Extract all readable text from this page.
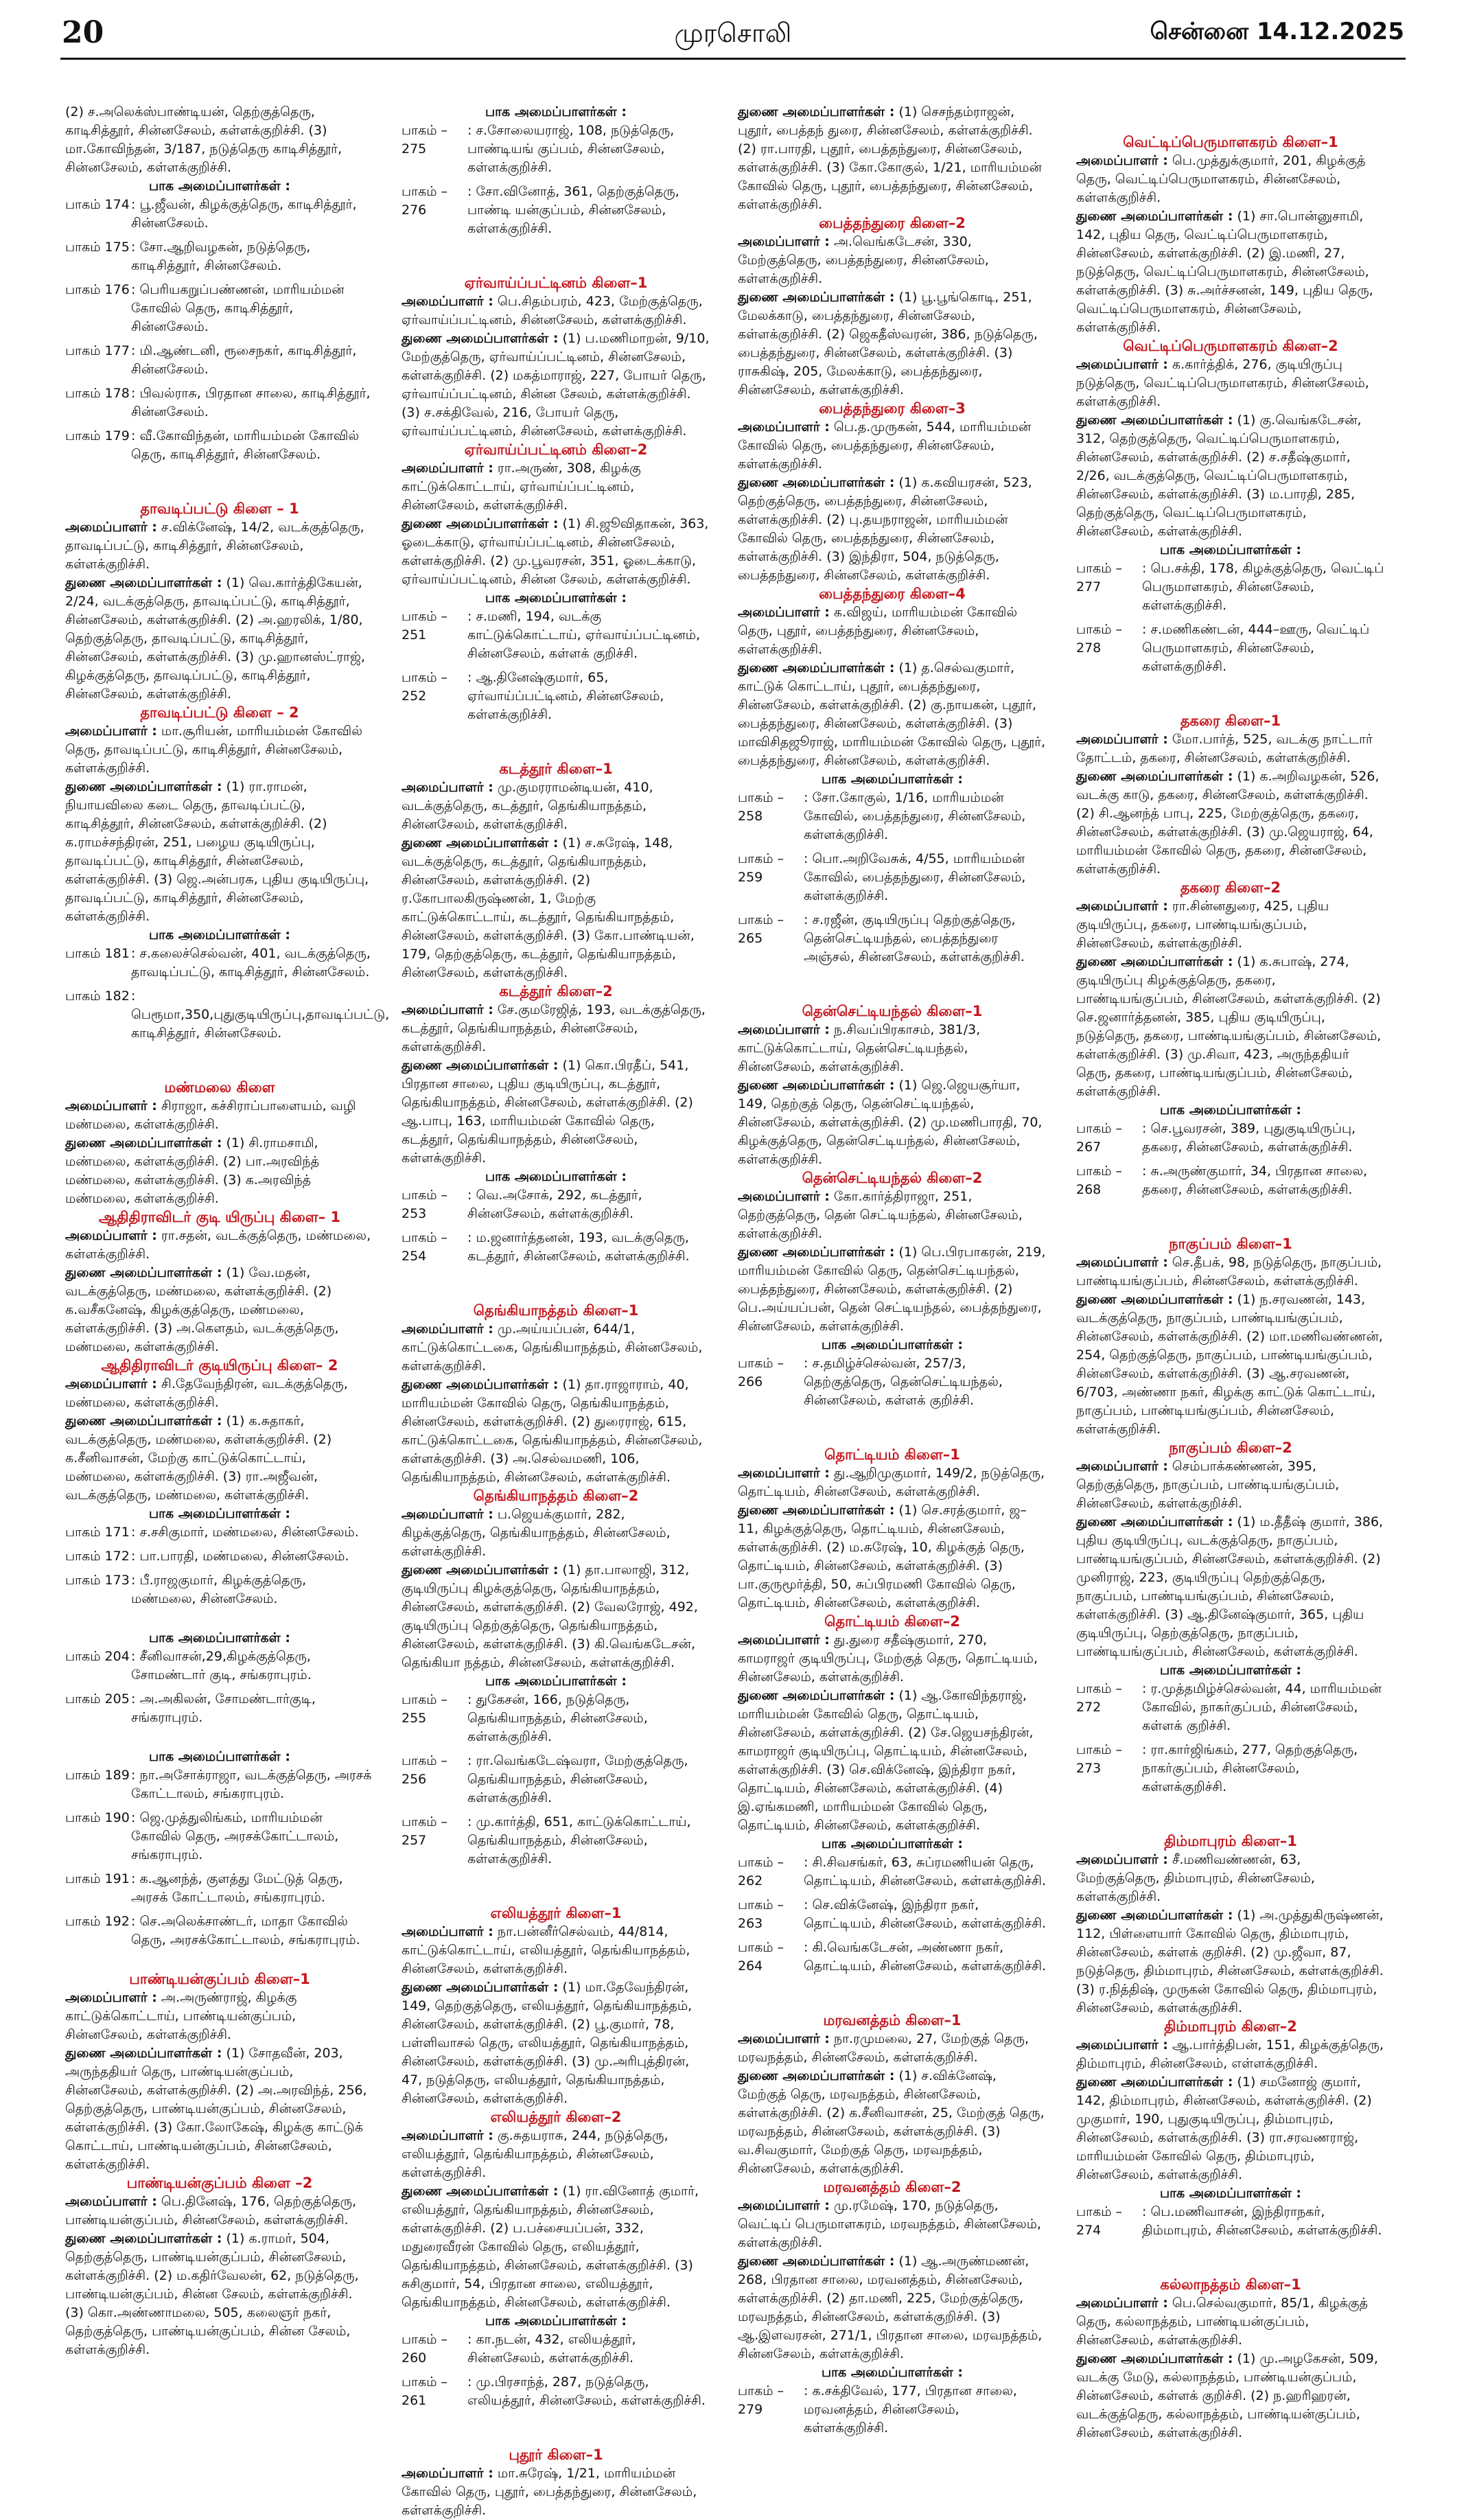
20	முரசொலி	சென்னை 14.12.2025

(2) ச.அலெக்ஸ்பாண்டியன், தெற்குத்தெரு, காடிசித்தூர், சின்னசேலம், கள்ளக்குறிச்சி. (3) மா.கோவிந்தன், 3/187, நடுத்தெரு காடிசித்தூர், சின்னசேலம், கள்ளக்குறிச்சி.

பாக அமைப்பாளர்கள் :

பாகம் 174 : பூ.ஜீவன், கிழக்குத்தெரு, காடிசித்தூர், சின்னசேலம்.
பாகம் 175 : சோ.ஆறிவழகன், நடுத்தெரு, காடிசித்தூர், சின்னசேலம்.
பாகம் 176 : பெரியகறுப்பண்ணன், மாரியம்மன் கோவில் தெரு, காடிசித்தூர், சின்னசேலம்.
பாகம் 177 : மி.ஆண்டனி, ரூசைநகர், காடிசித்தூர், சின்னசேலம்.
பாகம் 178 : பிவல்ராசு, பிரதான சாலை, காடிசித்தூர், சின்னசேலம்.
பாகம் 179 : வீ.கோவிந்தன், மாரியம்மன் கோவில் தெரு, காடிசித்தூர், சின்னசேலம்.

தாவடிப்பட்டு கிளை – 1

அமைப்பாளர் : ச.விக்னேஷ், 14/2, வடக்குத்தெரு, தாவடிப்பட்டு, காடிசித்தூர், சின்னசேலம், கள்ளக்குறிச்சி.

துணை அமைப்பாளர்கள் : (1) வெ.கார்த்திகேயன், 2/24, வடக்குத்தெரு, தாவடிப்பட்டு, காடிசித்தூர், சின்னசேலம், கள்ளக்குறிச்சி. (2) அ.ஹரலிக், 1/80, தெற்குத்தெரு, தாவடிப்பட்டு, காடிசித்தூர், சின்னசேலம், கள்ளக்குறிச்சி. (3) மு.ஹானஸ்ட்ராஜ், கிழக்குத்தெரு, தாவடிப்பட்டு, காடிசித்தூர், சின்னசேலம், கள்ளக்குறிச்சி.

தாவடிப்பட்டு கிளை – 2

அமைப்பாளர் : மா.சூரியன், மாரியம்மன் கோவில் தெரு, தாவடிப்பட்டு, காடிசித்தூர், சின்னசேலம், கள்ளக்குறிச்சி.

துணை அமைப்பாளர்கள் : (1) ரா.ராமன், நியாயவிலை கடை தெரு, தாவடிப்பட்டு, காடிசித்தூர், சின்னசேலம், கள்ளக்குறிச்சி. (2) க.ராமச்சந்திரன், 251, பழைய குடியிருப்பு, தாவடிப்பட்டு, காடிசித்தூர், சின்னசேலம், கள்ளக்குறிச்சி. (3) ஜெ.அன்பரசு, புதிய குடியிருப்பு, தாவடிப்பட்டு, காடிசித்தூர், சின்னசேலம், கள்ளக்குறிச்சி.

பாக அமைப்பாளர்கள் :

பாகம் 181 : ச.கலைச்செல்வன், 401, வடக்குத்தெரு, தாவடிப்பட்டு, காடிசித்தூர், சின்னசேலம்.
பாகம் 182 : பெரூமா,350,புதுகுடியிருப்பு,தாவடிப்பட்டு, காடிசித்தூர், சின்னசேலம்.

மண்மலை கிளை

அமைப்பாளர் : சிராஜா, கச்சிராப்பாளையம், வழி மண்மலை, கள்ளக்குறிச்சி.

துணை அமைப்பாளர்கள் : (1) சி.ராமசாமி, மண்மலை, கள்ளக்குறிச்சி. (2) பா.அரவிந்த் மண்மலை, கள்ளக்குறிச்சி. (3) க.அரவிந்த் மண்மலை, கள்ளக்குறிச்சி.

ஆதிதிராவிடர் குடி யிருப்பு கிளை– 1

அமைப்பாளர் : ரா.சதன், வடக்குத்தெரு, மண்மலை, கள்ளக்குறிச்சி.

துணை அமைப்பாளர்கள் : (1) வே.மதன், வடக்குத்தெரு, மண்மலை, கள்ளக்குறிச்சி. (2) க.வசீகனேஷ், கிழக்குத்தெரு, மண்மலை, கள்ளக்குறிச்சி. (3) அ.கௌதம், வடக்குத்தெரு, மண்மலை, கள்ளக்குறிச்சி.

ஆதிதிராவிடர் குடியிருப்பு கிளை– 2

அமைப்பாளர் : சி.தேவேந்திரன், வடக்குத்தெரு, மண்மலை, கள்ளக்குறிச்சி.

துணை அமைப்பாளர்கள் : (1) க.சுதாகர், வடக்குத்தெரு, மண்மலை, கள்ளக்குறிச்சி. (2) க.சீனிவாசன், மேற்கு காட்டுக்கொட்டாய், மண்மலை, கள்ளக்குறிச்சி. (3) ரா.அஜீவன், வடக்குத்தெரு, மண்மலை, கள்ளக்குறிச்சி.

பாக அமைப்பாளர்கள் :

பாகம் 171 : ச.சசிகுமார், மண்மலை, சின்னசேலம்.
பாகம் 172 : பா.பாரதி, மண்மலை, சின்னசேலம்.
பாகம் 173 : பீ.ராஜகுமார், கிழக்குத்தெரு, மண்மலை, சின்னசேலம்.

பாக அமைப்பாளர்கள் :

பாகம் 204 : சீனிவாசன்,29,கிழக்குத்தெரு, சோமண்டார் குடி, சங்கராபுரம்.
பாகம் 205 : அ.அகிலன், சோமண்டார்குடி, சங்கராபுரம்.

பாக அமைப்பாளர்கள் :

பாகம் 189 : நா.அசோக்ராஜா, வடக்குத்தெரு, அரசக் கோட்டாலம், சங்கராபுரம்.
பாகம் 190 : ஜெ.முத்துலிங்கம், மாரியம்மன் கோவில் தெரு, அரசக்கோட்டாலம், சங்கராபுரம்.
பாகம் 191 : க.ஆனந்த், குளத்து மேட்டுத் தெரு, அரசக் கோட்டாலம், சங்கராபுரம்.
பாகம் 192 : செ.அலெக்சாண்டர், மாதா கோவில் தெரு, அரசக்கோட்டாலம், சங்கராபுரம்.

பாண்டியன்குப்பம் கிளை–1

அமைப்பாளர் : அ.அருண்ராஜ், கிழக்கு காட்டுக்கொட்டாய், பாண்டியன்குப்பம், சின்னசேலம், கள்ளக்குறிச்சி.

துணை அமைப்பாளர்கள் : (1) சோதவீன், 203, அருந்ததியர் தெரு, பாண்டியன்குப்பம், சின்னசேலம், கள்ளக்குறிச்சி. (2) அ.அரவிந்த், 256, தெற்குத்தெரு, பாண்டியன்குப்பம், சின்னசேலம், கள்ளக்குறிச்சி. (3) கோ.லோகேஷ், கிழக்கு காட்டுக் கொட்டாய், பாண்டியன்குப்பம், சின்னசேலம், கள்ளக்குறிச்சி.

பாண்டியன்குப்பம் கிளை –2

அமைப்பாளர் : பெ.தினேஷ், 176, தெற்குத்தெரு, பாண்டியன்குப்பம், சின்னசேலம், கள்ளக்குறிச்சி.

துணை அமைப்பாளர்கள் : (1) க.ராமர், 504, தெற்குத்தெரு, பாண்டியன்குப்பம், சின்னசேலம், கள்ளக்குறிச்சி. (2) ம.கதிர்வேலன், 62, நடுத்தெரு, பாண்டியன்குப்பம், சின்ன சேலம், கள்ளக்குறிச்சி. (3) கொ.அண்ணாமலை, 505, கலைஞர் நகர், தெற்குத்தெரு, பாண்டியன்குப்பம், சின்ன சேலம், கள்ளக்குறிச்சி.

பாக அமைப்பாளர்கள் :

பாகம் – 275
: ச.சோலையராஜ், 108, நடுத்தெரு, பாண்டியங் குப்பம், சின்னசேலம், கள்ளக்குறிச்சி.
பாகம் – 276
: சோ.வினோத், 361, தெற்குத்தெரு, பாண்டி யன்குப்பம், சின்னசேலம், கள்ளக்குறிச்சி.

ஏர்வாய்ப்பட்டினம் கிளை–1

அமைப்பாளர் : பெ.சிதம்பரம், 423, மேற்குத்தெரு, ஏர்வாய்ப்பட்டினம், சின்னசேலம், கள்ளக்குறிச்சி.

துணை அமைப்பாளர்கள் : (1) ப.மணிமாறன், 9/10, மேற்குத்தெரு, ஏர்வாய்ப்பட்டினம், சின்னசேலம், கள்ளக்குறிச்சி. (2) மகத்மாராஜ், 227, போயர் தெரு, ஏர்வாய்ப்பட்டினம், சின்ன சேலம், கள்ளக்குறிச்சி. (3) ச.சக்திவேல், 216, போயர் தெரு, ஏர்வாய்ப்பட்டினம், சின்னசேலம், கள்ளக்குறிச்சி.

ஏர்வாய்ப்பட்டினம் கிளை–2

அமைப்பாளர் : ரா.அருண், 308, கிழக்கு காட்டுக்கொட்டாய், ஏர்வாய்ப்பட்டினம், சின்னசேலம், கள்ளக்குறிச்சி.

துணை அமைப்பாளர்கள் : (1) சி.ஜூவிதாகன், 363, ஓடைக்காடு, ஏர்வாய்ப்பட்டினம், சின்னசேலம், கள்ளக்குறிச்சி. (2) மு.பூவரசன், 351, ஓடைக்காடு, ஏர்வாய்ப்பட்டினம், சின்ன சேலம், கள்ளக்குறிச்சி.

பாக அமைப்பாளர்கள் :

பாகம் – 251
: ச.மணி, 194, வடக்கு காட்டுக்கொட்டாய், ஏர்வாய்ப்பட்டினம், சின்னசேலம், கள்ளக் குறிச்சி.
பாகம் – 252
: ஆ.தினேஷ்குமார், 65, ஏர்வாய்ப்பட்டினம், சின்னசேலம், கள்ளக்குறிச்சி.

கடத்தூர் கிளை–1

அமைப்பாளர் : மு.குமரராமன்டியன், 410, வடக்குத்தெரு, கடத்தூர், தெங்கியாநத்தம், சின்னசேலம், கள்ளக்குறிச்சி.

துணை அமைப்பாளர்கள் : (1) ச.சுரேஷ், 148, வடக்குத்தெரு, கடத்தூர், தெங்கியாநத்தம், சின்னசேலம், கள்ளக்குறிச்சி. (2) ர.கோபாலகிருஷ்ணன், 1, மேற்கு காட்டுக்கொட்டாய், கடத்தூர், தெங்கியாநத்தம், சின்னசேலம், கள்ளக்குறிச்சி. (3) கோ.பாண்டியன், 179, தெற்குத்தெரு, கடத்தூர், தெங்கியாநத்தம், சின்னசேலம், கள்ளக்குறிச்சி.

கடத்தூர் கிளை–2

அமைப்பாளர் : சே.குமரேஜித், 193, வடக்குத்தெரு, கடத்தூர், தெங்கியாநத்தம், சின்னசேலம், கள்ளக்குறிச்சி.

துணை அமைப்பாளர்கள் : (1) கொ.பிரதீப், 541, பிரதான சாலை, புதிய குடியிருப்பு, கடத்தூர், தெங்கியாநத்தம், சின்னசேலம், கள்ளக்குறிச்சி. (2) ஆ.பாபு, 163, மாரியம்மன் கோவில் தெரு, கடத்தூர், தெங்கியாநத்தம், சின்னசேலம், கள்ளக்குறிச்சி.

பாக அமைப்பாளர்கள் :

பாகம் – 253
: வெ.அசோக், 292, கடத்தூர், சின்னசேலம், கள்ளக்குறிச்சி.
பாகம் – 254
: ம.ஜனார்த்தனன், 193, வடக்குதெரு, கடத்தூர், சின்னசேலம், கள்ளக்குறிச்சி.

தெங்கியாநத்தம் கிளை–1

அமைப்பாளர் : மு.அய்யப்பன், 644/1, காட்டுக்கொட்டகை, தெங்கியாநத்தம், சின்னசேலம், கள்ளக்குறிச்சி.

துணை அமைப்பாளர்கள் : (1) தா.ராஜாராம், 40, மாரியம்மன் கோவில் தெரு, தெங்கியாநத்தம், சின்னசேலம், கள்ளக்குறிச்சி. (2) துரைராஜ், 615, காட்டுக்கொட்டகை, தெங்கியாநத்தம், சின்னசேலம், கள்ளக்குறிச்சி. (3) அ.செல்வமணி, 106, தெங்கியாநத்தம், சின்னசேலம், கள்ளக்குறிச்சி.

தெங்கியாநத்தம் கிளை–2

அமைப்பாளர் : ப.ஜெயக்குமார், 282, கிழக்குத்தெரு, தெங்கியாநத்தம், சின்னசேலம், கள்ளக்குறிச்சி.

துணை அமைப்பாளர்கள் : (1) தா.பாலாஜி, 312, குடியிருப்பு கிழக்குத்தெரு, தெங்கியாநத்தம், சின்னசேலம், கள்ளக்குறிச்சி. (2) வேலரோஜ், 492, குடியிருப்பு தெற்குத்தெரு, தெங்கியாநத்தம், சின்னசேலம், கள்ளக்குறிச்சி. (3) கி.வெங்கடேசன், தெங்கியா நத்தம், சின்னசேலம், கள்ளக்குறிச்சி.

பாக அமைப்பாளர்கள் :

பாகம் – 255
: துகேசன், 166, நடுத்தெரு, தெங்கியாநத்தம், சின்னசேலம், கள்ளக்குறிச்சி.
பாகம் – 256
: ரா.வெங்கடேஷ்வரா, மேற்குத்தெரு, தெங்கியாநத்தம், சின்னசேலம், கள்ளக்குறிச்சி.
பாகம் – 257
: மு.கார்த்தி, 651, காட்டுக்கொட்டாய், தெங்கியாநத்தம், சின்னசேலம், கள்ளக்குறிச்சி.

எலியத்தூர் கிளை–1

அமைப்பாளர் : நா.பன்னீர்செல்வம், 44/814, காட்டுக்கொட்டாய், எலியத்தூர், தெங்கியாநத்தம், சின்னசேலம், கள்ளக்குறிச்சி.

துணை அமைப்பாளர்கள் : (1) மா.தேவேந்திரன், 149, தெற்குத்தெரு, எலியத்தூர், தெங்கியாநத்தம், சின்னசேலம், கள்ளக்குறிச்சி. (2) பூ.குமார், 78, பள்ளிவாசல் தெரு, எலியத்தூர், தெங்கியாநத்தம், சின்னசேலம், கள்ளக்குறிச்சி. (3) மு.அரிபுத்திரன், 47, நடுத்தெரு, எலியத்தூர், தெங்கியாநத்தம், சின்னசேலம், கள்ளக்குறிச்சி.

எலியத்தூர் கிளை–2

அமைப்பாளர் : கு.சுதயராசு, 244, நடுத்தெரு, எலியத்தூர், தெங்கியாநத்தம், சின்னசேலம், கள்ளக்குறிச்சி.

துணை அமைப்பாளர்கள் : (1) ரா.வினோத் குமார், எலியத்தூர், தெங்கியாநத்தம், சின்னசேலம், கள்ளக்குறிச்சி. (2) ப.பச்சையப்பன், 332, மதுரைவீரன் கோவில் தெரு, எலியத்தூர், தெங்கியாநத்தம், சின்னசேலம், கள்ளக்குறிச்சி. (3) சுசிகுமார், 54, பிரதான சாலை, எலியத்தூர், தெங்கியாநத்தம், சின்னசேலம், கள்ளக்குறிச்சி.

பாக அமைப்பாளர்கள் :

பாகம் – 260
: கா.நடன், 432, எலியத்தூர், சின்னசேலம், கள்ளக்குறிச்சி.
பாகம் – 261
: மு.பிரசாந்த், 287, நடுத்தெரு, எலியத்தூர், சின்னசேலம், கள்ளக்குறிச்சி.

புதூர் கிளை–1

அமைப்பாளர் : மா.சுரேஷ், 1/21, மாரியம்மன் கோவில் தெரு, புதூர், பைத்தந்துரை, சின்னசேலம், கள்ளக்குறிச்சி.

துணை அமைப்பாளர்கள் : (1) செசந்தம்ராஜன், புதூர், பைத்தந் துரை, சின்னசேலம், கள்ளக்குறிச்சி. (2) ரா.பாரதி, புதூர், பைத்தந்துரை, சின்னசேலம், கள்ளக்குறிச்சி. (3) கோ.கோகுல், 1/21, மாரியம்மன் கோவில் தெரு, புதூர், பைத்தந்துரை, சின்னசேலம், கள்ளக்குறிச்சி.

பைத்தந்துரை கிளை–2

அமைப்பாளர் : அ.வெங்கடேசன், 330, மேற்குத்தெரு, பைத்தந்துரை, சின்னசேலம், கள்ளக்குறிச்சி.

துணை அமைப்பாளர்கள் : (1) பூ.பூங்கொடி, 251, மேலக்காடு, பைத்தந்துரை, சின்னசேலம், கள்ளக்குறிச்சி. (2) ஜெகதீஸ்வரன், 386, நடுத்தெரு, பைத்தந்துரை, சின்னசேலம், கள்ளக்குறிச்சி. (3) ராசுகிஷ், 205, மேலக்காடு, பைத்தந்துரை, சின்னசேலம், கள்ளக்குறிச்சி.

பைத்தந்துரை கிளை–3

அமைப்பாளர் : பெ.த.முருகன், 544, மாரியம்மன் கோவில் தெரு, பைத்தந்துரை, சின்னசேலம், கள்ளக்குறிச்சி.

துணை அமைப்பாளர்கள் : (1) க.கவியரசன், 523, தெற்குத்தெரு, பைத்தந்துரை, சின்னசேலம், கள்ளக்குறிச்சி. (2) பு.தயநராஜன், மாரியம்மன் கோவில் தெரு, பைத்தந்துரை, சின்னசேலம், கள்ளக்குறிச்சி. (3) இந்திரா, 504, நடுத்தெரு, பைத்தந்துரை, சின்னசேலம், கள்ளக்குறிச்சி.

பைத்தந்துரை கிளை–4

அமைப்பாளர் : க.விஜய், மாரியம்மன் கோவில் தெரு, புதூர், பைத்தந்துரை, சின்னசேலம், கள்ளக்குறிச்சி.

துணை அமைப்பாளர்கள் : (1) த.செல்வகுமார், காட்டுக் கொட்டாய், புதூர், பைத்தந்துரை, சின்னசேலம், கள்ளக்குறிச்சி. (2) கு.நாயகன், புதூர், பைத்தந்துரை, சின்னசேலம், கள்ளக்குறிச்சி. (3) மாவிசிதஜூராஜ், மாரியம்மன் கோவில் தெரு, புதூர், பைத்தந்துரை, சின்னசேலம், கள்ளக்குறிச்சி.

பாக அமைப்பாளர்கள் :

பாகம் – 258
: சோ.கோகுல், 1/16, மாரியம்மன் கோவில், பைத்தந்துரை, சின்னசேலம், கள்ளக்குறிச்சி.
பாகம் – 259
: பொ.அறிவேசுக், 4/55, மாரியம்மன் கோவில், பைத்தந்துரை, சின்னசேலம், கள்ளக்குறிச்சி.
பாகம் – 265
: ச.ரஜீன், குடியிருப்பு தெற்குத்தெரு, தென்செட்டியந்தல், பைத்தந்துரை அஞ்சல், சின்னசேலம், கள்ளக்குறிச்சி.

தென்செட்டியந்தல் கிளை–1

அமைப்பாளர் : ந.சிவப்பிரகாசம், 381/3, காட்டுக்கொட்டாய், தென்செட்டியந்தல், சின்னசேலம், கள்ளக்குறிச்சி.

துணை அமைப்பாளர்கள் : (1) ஜெ.ஜெயசூர்யா, 149, தெற்குத் தெரு, தென்செட்டியந்தல், சின்னசேலம், கள்ளக்குறிச்சி. (2) மு.மணிபாரதி, 70, கிழக்குத்தெரு, தென்செட்டியந்தல், சின்னசேலம், கள்ளக்குறிச்சி.

தென்செட்டியந்தல் கிளை–2

அமைப்பாளர் : கோ.கார்த்திராஜா, 251, தெற்குத்தெரு, தென் செட்டியந்தல், சின்னசேலம், கள்ளக்குறிச்சி.

துணை அமைப்பாளர்கள் : (1) பெ.பிரபாகரன், 219, மாரியம்மன் கோவில் தெரு, தென்செட்டியந்தல், பைத்தந்துரை, சின்னசேலம், கள்ளக்குறிச்சி. (2) பெ.அய்யப்பன், தென் செட்டியந்தல், பைத்தந்துரை, சின்னசேலம், கள்ளக்குறிச்சி.

பாக அமைப்பாளர்கள் :

பாகம் – 266
: ச.தமிழ்ச்செல்வன், 257/3, தெற்குத்தெரு, தென்செட்டியந்தல், சின்னசேலம், கள்ளக் குறிச்சி.

தொட்டியம் கிளை–1

அமைப்பாளர் : து.ஆறிமுகுமார், 149/2, நடுத்தெரு, தொட்டியம், சின்னசேலம், கள்ளக்குறிச்சி.

துணை அமைப்பாளர்கள் : (1) செ.சரத்குமார், ஜ–11, கிழக்குத்தெரு, தொட்டியம், சின்னசேலம், கள்ளக்குறிச்சி. (2) ம.சுரேஷ், 10, கிழக்குத் தெரு, தொட்டியம், சின்னசேலம், கள்ளக்குறிச்சி. (3) பா.குருமூர்த்தி, 50, சுப்பிரமணி கோவில் தெரு, தொட்டியம், சின்னசேலம், கள்ளக்குறிச்சி.

தொட்டியம் கிளை–2

அமைப்பாளர் : து.துரை சதீஷ்குமார், 270, காமராஜர் குடியிருப்பு, மேற்குத் தெரு, தொட்டியம், சின்னசேலம், கள்ளக்குறிச்சி.

துணை அமைப்பாளர்கள் : (1) ஆ.கோவிந்தராஜ், மாரியம்மன் கோவில் தெரு, தொட்டியம், சின்னசேலம், கள்ளக்குறிச்சி. (2) சே.ஜெயசந்திரன், காமராஜர் குடியிருப்பு, தொட்டியம், சின்னசேலம், கள்ளக்குறிச்சி. (3) செ.விக்னேஷ், இந்திரா நகர், தொட்டியம், சின்னசேலம், கள்ளக்குறிச்சி. (4) இ.ஏங்கமணி, மாரியம்மன் கோவில் தெரு, தொட்டியம், சின்னசேலம், கள்ளக்குறிச்சி.

பாக அமைப்பாளர்கள் :

பாகம் – 262
: சி.சிவசங்கர், 63, சுப்ரமணியன் தெரு, தொட்டியம், சின்னசேலம், கள்ளக்குறிச்சி.
பாகம் – 263
: செ.விக்னேஷ், இந்திரா நகர், தொட்டியம், சின்னசேலம், கள்ளக்குறிச்சி.
பாகம் – 264
: கி.வெங்கடேசன், அண்ணா நகர், தொட்டியம், சின்னசேலம், கள்ளக்குறிச்சி.

மரவனத்தம் கிளை–1

அமைப்பாளர் : நா.ரமுமலை, 27, மேற்குத் தெரு, மரவநத்தம், சின்னசேலம், கள்ளக்குறிச்சி.

துணை அமைப்பாளர்கள் : (1) ச.விக்னேஷ், மேற்குத் தெரு, மரவநத்தம், சின்னசேலம், கள்ளக்குறிச்சி. (2) க.சீனிவாசன், 25, மேற்குத் தெரு, மரவநத்தம், சின்னசேலம், கள்ளக்குறிச்சி. (3) வ.சிவகுமார், மேற்குத் தெரு, மரவநத்தம், சின்னசேலம், கள்ளக்குறிச்சி.

மரவனத்தம் கிளை–2

அமைப்பாளர் : மு.ரமேஷ், 170, நடுத்தெரு, வெட்டிப் பெருமாளகரம், மரவநத்தம், சின்னசேலம், கள்ளக்குறிச்சி.

துணை அமைப்பாளர்கள் : (1) ஆ.அருண்மணன், 268, பிரதான சாலை, மரவனத்தம், சின்னசேலம், கள்ளக்குறிச்சி. (2) தா.மணி, 225, மேற்குத்தெரு, மரவநத்தம், சின்னசேலம், கள்ளக்குறிச்சி. (3) ஆ.இளவரசன், 271/1, பிரதான சாலை, மரவநத்தம், சின்னசேலம், கள்ளக்குறிச்சி.

பாக அமைப்பாளர்கள் :

பாகம் – 279
: க.சக்திவேல், 177, பிரதான சாலை, மரவனத்தம், சின்னசேலம், கள்ளக்குறிச்சி.

வெட்டிப்பெருமாளகரம் கிளை–1

அமைப்பாளர் : பெ.முத்துக்குமார், 201, கிழக்குத் தெரு, வெட்டிப்பெருமாளகரம், சின்னசேலம், கள்ளக்குறிச்சி.

துணை அமைப்பாளர்கள் : (1) சா.பொன்னுசாமி, 142, புதிய தெரு, வெட்டிப்பெருமாளகரம், சின்னசேலம், கள்ளக்குறிச்சி. (2) இ.மணி, 27, நடுத்தெரு, வெட்டிப்பெருமாளகரம், சின்னசேலம், கள்ளக்குறிச்சி. (3) சு.அர்ச்சனன், 149, புதிய தெரு, வெட்டிப்பெருமாளகரம், சின்னசேலம், கள்ளக்குறிச்சி.

வெட்டிப்பெருமாளகரம் கிளை–2

அமைப்பாளர் : க.கார்த்திக், 276, குடியிருப்பு நடுத்தெரு, வெட்டிப்பெருமாளகரம், சின்னசேலம், கள்ளக்குறிச்சி.

துணை அமைப்பாளர்கள் : (1) கு.வெங்கடேசன், 312, தெற்குத்தெரு, வெட்டிப்பெருமாளகரம், சின்னசேலம், கள்ளக்குறிச்சி. (2) ச.சதீஷ்குமார், 2/26, வடக்குத்தெரு, வெட்டிப்பெருமாளகரம், சின்னசேலம், கள்ளக்குறிச்சி. (3) ம.பாரதி, 285, தெற்குத்தெரு, வெட்டிப்பெருமாளகரம், சின்னசேலம், கள்ளக்குறிச்சி.

பாக அமைப்பாளர்கள் :

பாகம் – 277
: பெ.சக்தி, 178, கிழக்குத்தெரு, வெட்டிப் பெருமாளகரம், சின்னசேலம், கள்ளக்குறிச்சி.
பாகம் – 278
: ச.மணிகண்டன், 444–ஊரு, வெட்டிப் பெருமாளகரம், சின்னசேலம், கள்ளக்குறிச்சி.

தகரை கிளை–1

அமைப்பாளர் : மோ.பார்த், 525, வடக்கு நாட்டார் தோட்டம், தகரை, சின்னசேலம், கள்ளக்குறிச்சி.

துணை அமைப்பாளர்கள் : (1) க.அறிவழகன், 526, வடக்கு காடு, தகரை, சின்னசேலம், கள்ளக்குறிச்சி. (2) சி.ஆனந்த் பாபு, 225, மேற்குத்தெரு, தகரை, சின்னசேலம், கள்ளக்குறிச்சி. (3) மு.ஜெயராஜ், 64, மாரியம்மன் கோவில் தெரு, தகரை, சின்னசேலம், கள்ளக்குறிச்சி.

தகரை கிளை–2

அமைப்பாளர் : ரா.சின்னதுரை, 425, புதிய குடியிருப்பு, தகரை, பாண்டியங்குப்பம், சின்னசேலம், கள்ளக்குறிச்சி.

துணை அமைப்பாளர்கள் : (1) க.சுபாஷ், 274, குடியிருப்பு கிழக்குத்தெரு, தகரை, பாண்டியங்குப்பம், சின்னசேலம், கள்ளக்குறிச்சி. (2) செ.ஜனார்த்தனன், 385, புதிய குடியிருப்பு, நடுத்தெரு, தகரை, பாண்டியங்குப்பம், சின்னசேலம், கள்ளக்குறிச்சி. (3) மு.சிவா, 423, அருந்ததியர் தெரு, தகரை, பாண்டியங்குப்பம், சின்னசேலம், கள்ளக்குறிச்சி.

பாக அமைப்பாளர்கள் :

பாகம் – 267
: செ.பூவரசன், 389, புதுகுடியிருப்பு, தகரை, சின்னசேலம், கள்ளக்குறிச்சி.
பாகம் – 268
: சு.அருண்குமார், 34, பிரதான சாலை, தகரை, சின்னசேலம், கள்ளக்குறிச்சி.

நாகுப்பம் கிளை–1

அமைப்பாளர் : செ.தீபக், 98, நடுத்தெரு, நாகுப்பம், பாண்டியங்குப்பம், சின்னசேலம், கள்ளக்குறிச்சி.

துணை அமைப்பாளர்கள் : (1) ந.சரவணன், 143, வடக்குத்தெரு, நாகுப்பம், பாண்டியங்குப்பம், சின்னசேலம், கள்ளக்குறிச்சி. (2) மா.மணிவண்ணன், 254, தெற்குத்தெரு, நாகுப்பம், பாண்டியங்குப்பம், சின்னசேலம், கள்ளக்குறிச்சி. (3) ஆ.சரவணன், 6/703, அண்ணா நகர், கிழக்கு காட்டுக் கொட்டாய், நாகுப்பம், பாண்டியங்குப்பம், சின்னசேலம், கள்ளக்குறிச்சி.

நாகுப்பம் கிளை–2

அமைப்பாளர் : செம்பாக்கண்ணன், 395, தெற்குத்தெரு, நாகுப்பம், பாண்டியங்குப்பம், சின்னசேலம், கள்ளக்குறிச்சி.

துணை அமைப்பாளர்கள் : (1) ம.தீதீஷ் குமார், 386, புதிய குடியிருப்பு, வடக்குத்தெரு, நாகுப்பம், பாண்டியங்குப்பம், சின்னசேலம், கள்ளக்குறிச்சி. (2) முனிராஜ், 223, குடியிருப்பு தெற்குத்தெரு, நாகுப்பம், பாண்டியங்குப்பம், சின்னசேலம், கள்ளக்குறிச்சி. (3) ஆ.தினேஷ்குமார், 365, புதிய குடியிருப்பு, தெற்குத்தெரு, நாகுப்பம், பாண்டியங்குப்பம், சின்னசேலம், கள்ளக்குறிச்சி.

பாக அமைப்பாளர்கள் :

பாகம் – 272
: ர.முத்தமிழ்ச்செல்வன், 44, மாரியம்மன் கோவில், நாகர்குப்பம், சின்னசேலம், கள்ளக் குறிச்சி.
பாகம் – 273
: ரா.கார்ஜிங்கம், 277, தெற்குத்தெரு, நாகர்குப்பம், சின்னசேலம், கள்ளக்குறிச்சி.

திம்மாபுரம் கிளை–1

அமைப்பாளர் : சீ.மணிவண்ணன், 63, மேற்குத்தெரு, திம்மாபுரம், சின்னசேலம், கள்ளக்குறிச்சி.

துணை அமைப்பாளர்கள் : (1) அ.முத்துகிருஷ்ணன், 112, பிள்ளையார் கோவில் தெரு, திம்மாபுரம், சின்னசேலம், கள்ளக் குறிச்சி. (2) மு.ஜீவா, 87, நடுத்தெரு, திம்மாபுரம், சின்னசேலம், கள்ளக்குறிச்சி. (3) ர.நித்திஷ், முருகன் கோவில் தெரு, திம்மாபுரம், சின்னசேலம், கள்ளக்குறிச்சி.

திம்மாபுரம் கிளை–2

அமைப்பாளர் : ஆ.பார்த்திபன், 151, கிழக்குத்தெரு, திம்மாபுரம், சின்னசேலம், எள்ளக்குறிச்சி.

துணை அமைப்பாளர்கள் : (1) சமனோஜ் குமார், 142, திம்மாபுரம், சின்னசேலம், கள்ளக்குறிச்சி. (2) முகுமார், 190, புதுகுடியிருப்பு, திம்மாபுரம், சின்னசேலம், கள்ளக்குறிச்சி. (3) ரா.சரவணராஜ், மாரியம்மன் கோவில் தெரு, திம்மாபுரம், சின்னசேலம், கள்ளக்குறிச்சி.

பாக அமைப்பாளர்கள் :

பாகம் – 274
: பெ.மணிவாசன், இந்திராநகர், திம்மாபுரம், சின்னசேலம், கள்ளக்குறிச்சி.

கல்லாநத்தம் கிளை–1

அமைப்பாளர் : பெ.செல்வகுமார், 85/1, கிழக்குத் தெரு, கல்லாநத்தம், பாண்டியன்குப்பம், சின்னசேலம், கள்ளக்குறிச்சி.

துணை அமைப்பாளர்கள் : (1) மு.அழகேசன், 509, வடக்கு மேடு, கல்லாநத்தம், பாண்டியன்குப்பம், சின்னசேலம், கள்ளக் குறிச்சி. (2) ந.ஹரிஹரன், வடக்குத்தெரு, கல்லாநத்தம், பாண்டியன்குப்பம், சின்னசேலம், கள்ளக்குறிச்சி.
